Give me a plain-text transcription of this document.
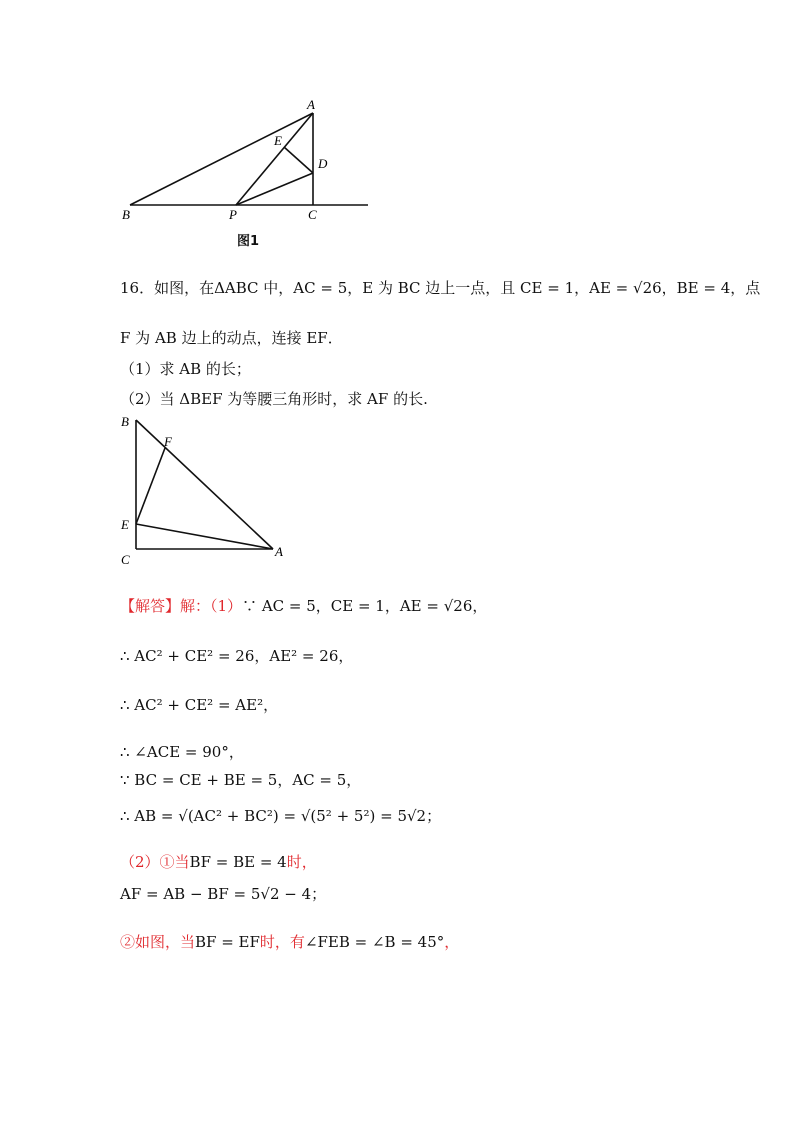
A
E
D
B	P	C
图1
16．如图，在ΔABC 中，AC = 5，E 为 BC 边上一点，且 CE = 1，AE = √26，BE = 4，点
F 为 AB 边上的动点，连接 EF．
（1）求 AB 的长；
（2）当 ΔBEF 为等腰三角形时，求 AF 的长.
B
F
E
C
A
【解答】解：（1）∵ AC = 5，CE = 1，AE = √26，
∴ AC² + CE² = 26，AE² = 26，
∴ AC² + CE² = AE²，
∴ ∠ACE = 90°，
∵ BC = CE + BE = 5，AC = 5，
∴ AB = √(AC² + BC²) = √(5² + 5²) = 5√2；
（2）①当BF = BE = 4时，
AF = AB − BF = 5√2 − 4；
②如图，当BF = EF时，有∠FEB = ∠B = 45°，
